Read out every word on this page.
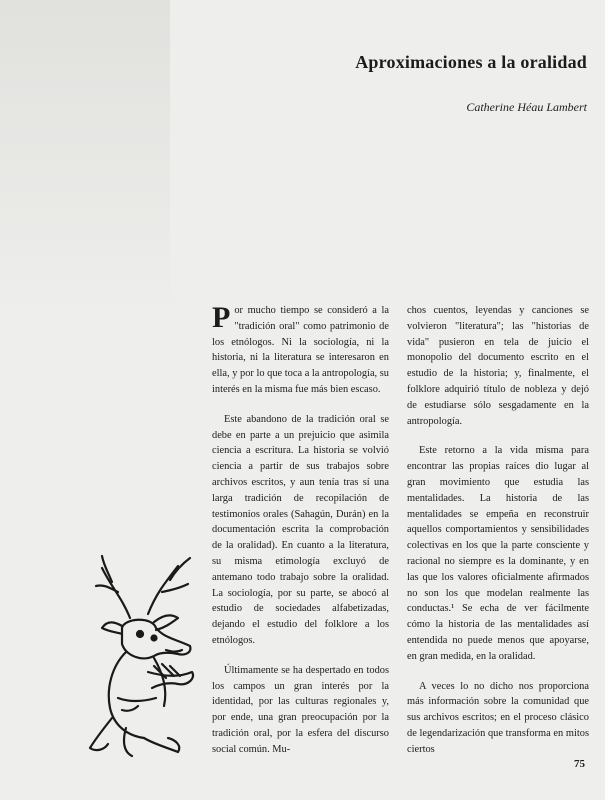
Aproximaciones a la oralidad
Catherine Héau Lambert

Por mucho tiempo se consideró a la "tradición oral" como patrimonio de los etnólogos. Ni la sociología, ni la historia, ni la literatura se interesaron en ella, y por lo que toca a la antropología, su interés en la misma fue más bien escaso.

Este abandono de la tradición oral se debe en parte a un prejuicio que asimila ciencia a escritura. La historia se volvió ciencia a partir de sus trabajos sobre archivos escritos, y aun tenía tras sí una larga tradición de recopilación de testimonios orales (Sahagún, Durán) en la documentación escrita la comprobación de la oralidad). En cuanto a la literatura, su misma etimología excluyó de antemano todo trabajo sobre la oralidad. La sociología, por su parte, se abocó al estudio de sociedades alfabetizadas, dejando el estudio del folklore a los etnólogos.

Últimamente se ha despertado en todos los campos un gran interés por la identidad, por las culturas regionales y, por ende, una gran preocupación por la tradición oral, por la esfera del discurso social común. Mu-

chos cuentos, leyendas y canciones se volvieron "literatura"; las "historias de vida" pusieron en tela de juicio el monopolio del documento escrito en el estudio de la historia; y, finalmente, el folklore adquirió título de nobleza y dejó de estudiarse sólo sesgadamente en la antropología.

Este retorno a la vida misma para encontrar las propias raíces dio lugar al gran movimiento que estudia las mentalidades. La historia de las mentalidades se empeña en reconstruir aquellos comportamientos y sensibilidades colectivas en los que la parte consciente y racional no siempre es la dominante, y en las que los valores oficialmente afirmados no son los que modelan realmente las conductas.¹ Se echa de ver fácilmente cómo la historia de las mentalidades así entendida no puede menos que apoyarse, en gran medida, en la oralidad.

A veces lo no dicho nos proporciona más información sobre la comunidad que sus archivos escritos; en el proceso clásico de legendarización que transforma en mitos ciertos

75
